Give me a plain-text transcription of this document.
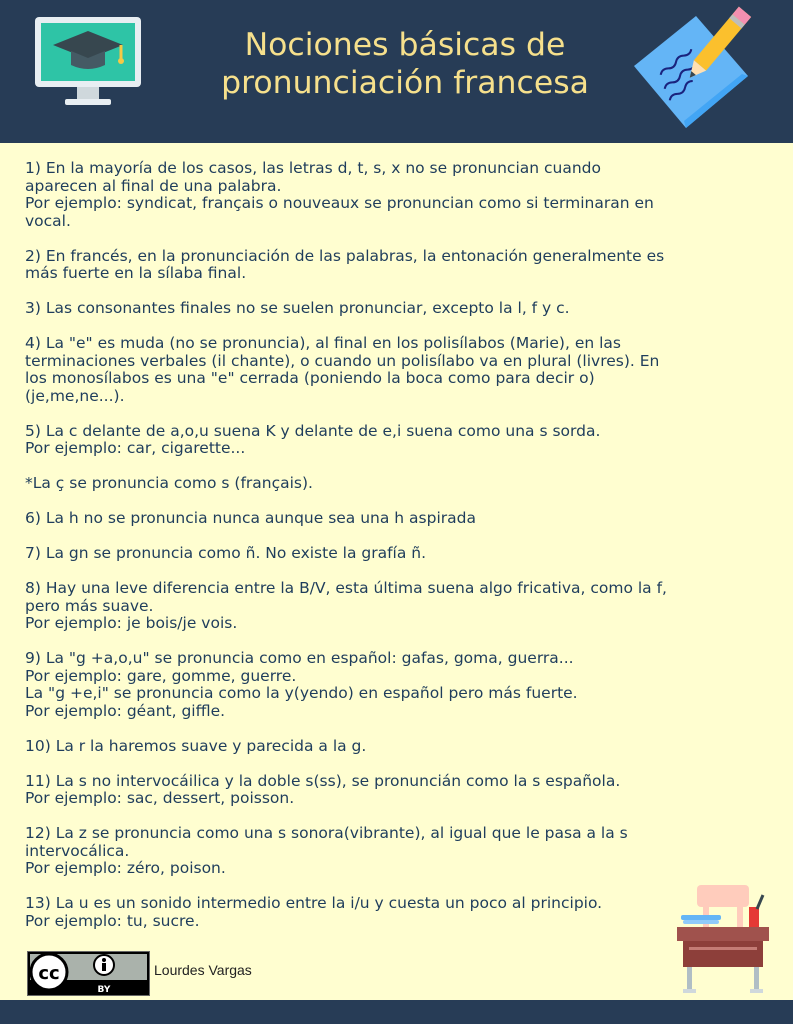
Nociones básicas de
pronunciación francesa

1) En la mayoría de los casos, las letras d, t, s, x no se pronuncian cuando
aparecen al final de una palabra.
Por ejemplo: syndicat, français o nouveaux se pronuncian como si terminaran en
vocal.

2) En francés, en la pronunciación de las palabras, la entonación generalmente es
más fuerte en la sílaba final.

3) Las consonantes finales no se suelen pronunciar, excepto la l, f y c.

4) La "e" es muda (no se pronuncia), al final en los polisílabos (Marie), en las
terminaciones verbales (il chante), o cuando un polisílabo va en plural (livres). En
los monosílabos es una "e" cerrada (poniendo la boca como para decir o)
(je,me,ne...).

5) La c delante de a,o,u suena K y delante de e,i suena como una s sorda.
Por ejemplo: car, cigarette...

*La ç se pronuncia como s (français).

6) La h no se pronuncia nunca aunque sea una h aspirada

7) La gn se pronuncia como ñ. No existe la grafía ñ.

8) Hay una leve diferencia entre la B/V, esta última suena algo fricativa, como la f,
pero más suave.
Por ejemplo: je bois/je vois.

9) La "g +a,o,u" se pronuncia como en español: gafas, goma, guerra...
Por ejemplo: gare, gomme, guerre.
La "g +e,i" se pronuncia como la y(yendo) en español pero más fuerte.
Por ejemplo: géant, giffle.

10) La r la haremos suave y parecida a la g.

11) La s no intervocáilica y la doble s(ss), se pronuncián como la s española.
Por ejemplo: sac, dessert, poisson.

12) La z se pronuncia como una s sonora(vibrante), al igual que le pasa a la s
intervocálica.
Por ejemplo: zéro, poison.

13) La u es un sonido intermedio entre la i/u y cuesta un poco al principio.
Por ejemplo: tu, sucre.

cc
BY
Lourdes Vargas
